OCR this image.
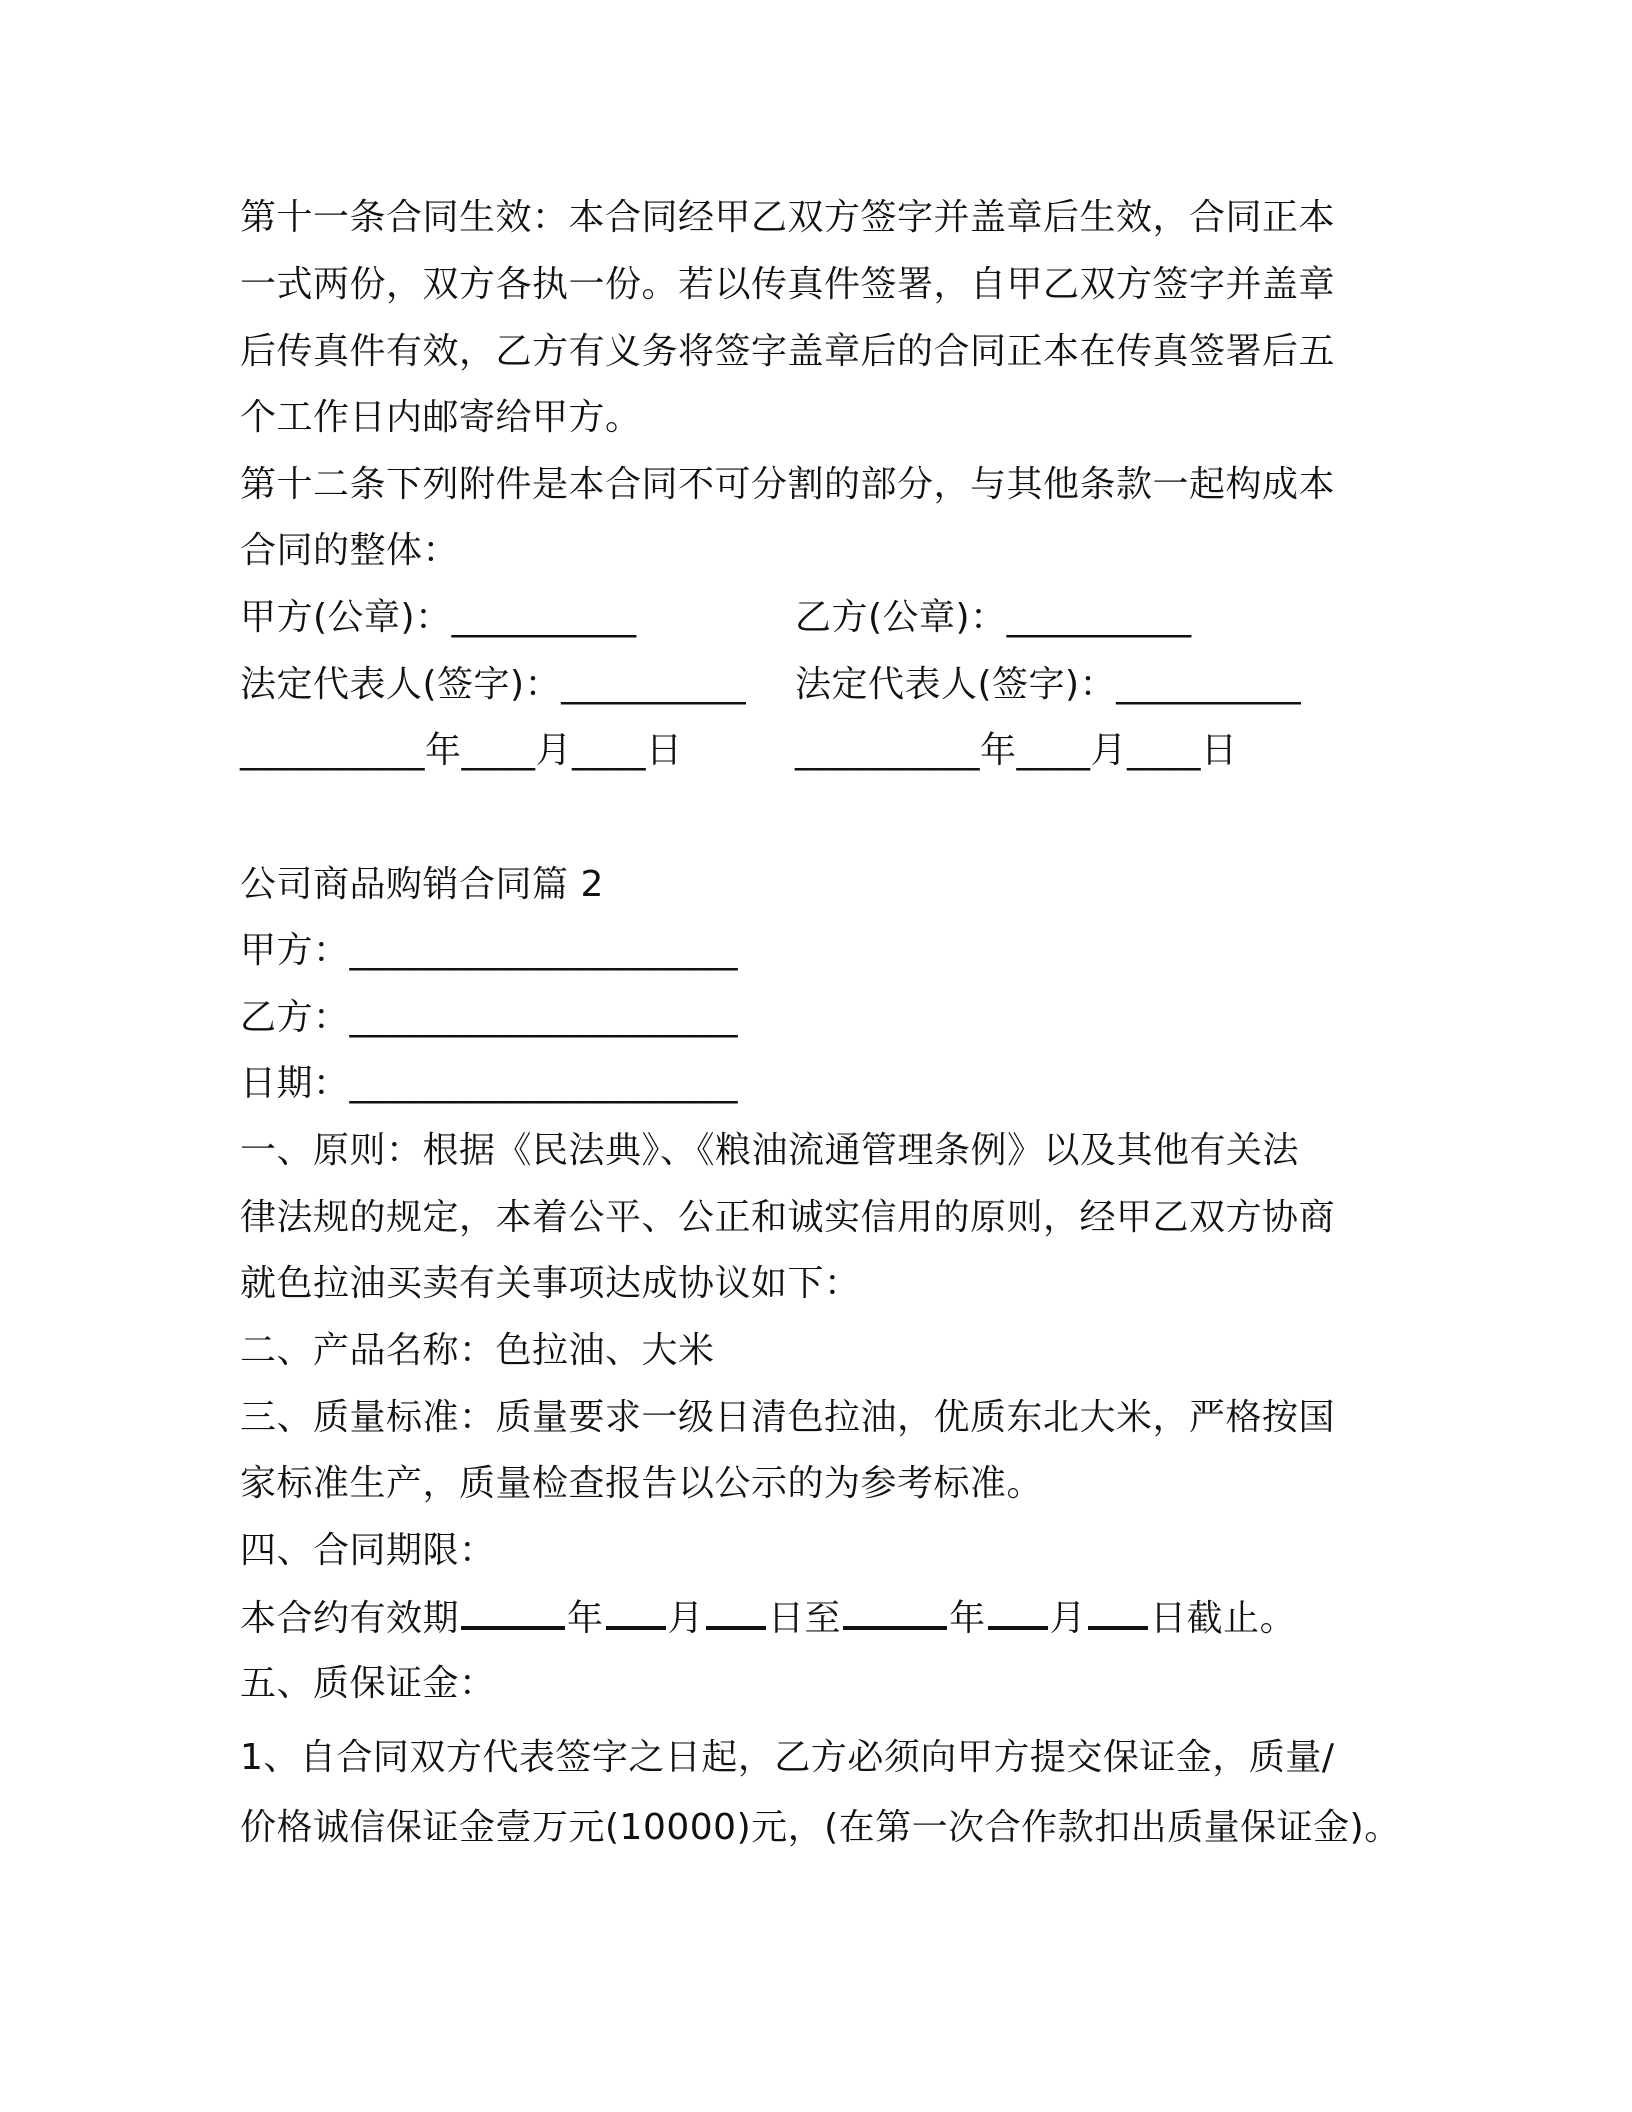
第十一条合同生效：本合同经甲乙双方签字并盖章后生效，合同正本
一式两份，双方各执一份。若以传真件签署，自甲乙双方签字并盖章
后传真件有效，乙方有义务将签字盖章后的合同正本在传真签署后五
个工作日内邮寄给甲方。
第十二条下列附件是本合同不可分割的部分，与其他条款一起构成本
合同的整体：
甲方(公章)：__________	乙方(公章)：__________
法定代表人(签字)：__________ 法定代表人(签字)：__________
__________年____月____日	__________年____月____日
公司商品购销合同篇 2
甲方：_____________________
乙方：_____________________
日期：_____________________
一、原则：根据《民法典》、《粮油流通管理条例》以及其他有关法
律法规的规定，本着公平、公正和诚实信用的原则，经甲乙双方协商
就色拉油买卖有关事项达成协议如下：
二、产品名称：色拉油、大米
三、质量标准：质量要求一级日清色拉油，优质东北大米，严格按国
家标准生产，质量检查报告以公示的为参考标准。
四、合同期限：
本合约有效期	年 月 日至	年 月 日截止。
五、质保证金：
1、自合同双方代表签字之日起，乙方必须向甲方提交保证金，质量/
价格诚信保证金壹万元(10000)元，(在第一次合作款扣出质量保证金)。
